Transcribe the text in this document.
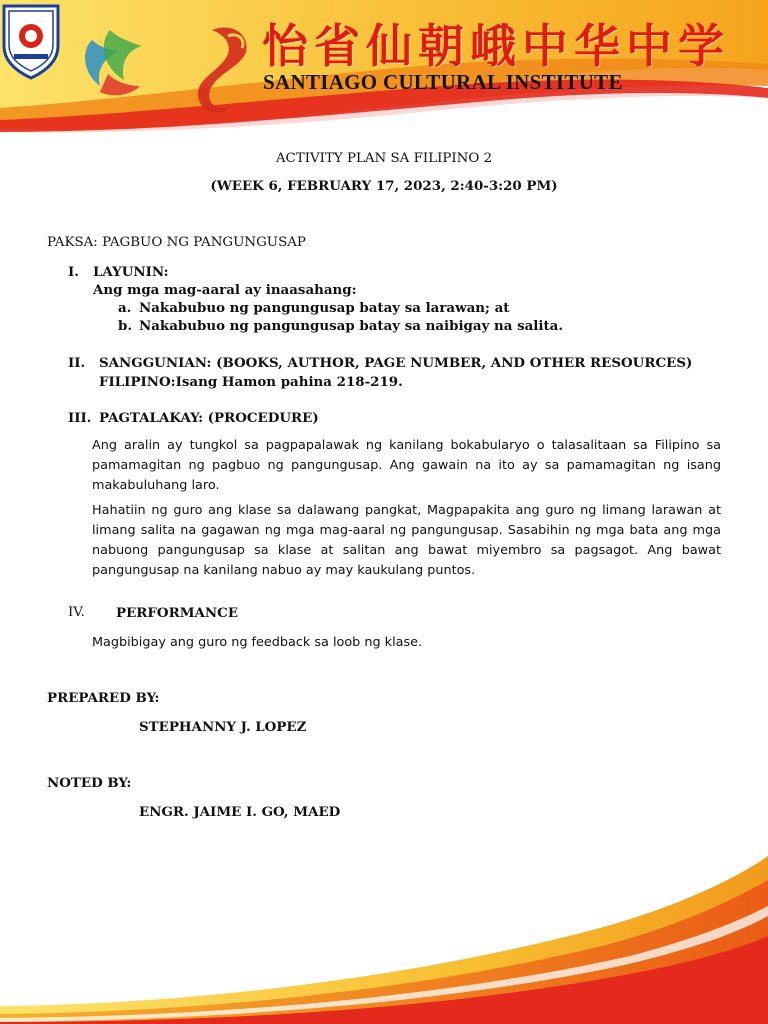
怡省仙朝峨中华中学
SANTIAGO CULTURAL INSTITUTE
ACTIVITY PLAN SA FILIPINO 2
(WEEK 6, FEBRUARY 17, 2023, 2:40-3:20 PM)
PAKSA: PAGBUO NG PANGUNGUSAP
I. LAYUNIN:
Ang mga mag-aaral ay inaasahang:
a. Nakabubuo ng pangungusap batay sa larawan; at
b. Nakabubuo ng pangungusap batay sa naibigay na salita.
II. SANGGUNIAN: (BOOKS, AUTHOR, PAGE NUMBER, AND OTHER RESOURCES)
FILIPINO:Isang Hamon pahina 218-219.
III. PAGTALAKAY: (PROCEDURE)
Ang aralin ay tungkol sa pagpapalawak ng kanilang bokabularyo o talasalitaan sa Filipino sa pamamagitan ng pagbuo ng pangungusap. Ang gawain na ito ay sa pamamagitan ng isang makabuluhang laro.
Hahatiin ng guro ang klase sa dalawang pangkat, Magpapakita ang guro ng limang larawan at limang salita na gagawan ng mga mag-aaral ng pangungusap. Sasabihin ng mga bata ang mga nabuong pangungusap sa klase at salitan ang bawat miyembro sa pagsagot. Ang bawat pangungusap na kanilang nabuo ay may kaukulang puntos.
IV. PERFORMANCE
Magbibigay ang guro ng feedback sa loob ng klase.
PREPARED BY:
STEPHANNY J. LOPEZ
NOTED BY:
ENGR. JAIME I. GO, MAED
